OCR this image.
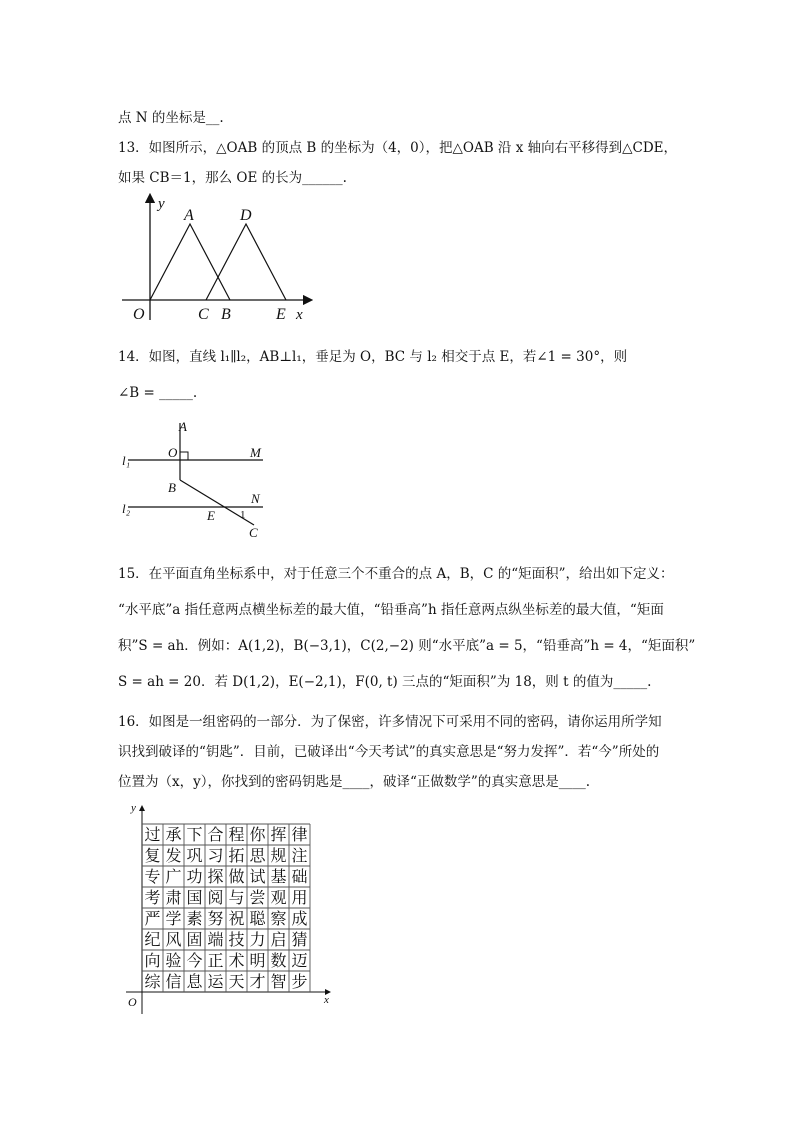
点 N 的坐标是__.
13．如图所示，△OAB 的顶点 B 的坐标为（4，0），把△OAB 沿 x 轴向右平移得到△CDE，
如果 CB＝1，那么 OE 的长为______.
y
A	D
O	C B	E x
14．如图，直线 l₁∥l₂，AB⊥l₁，垂足为 O，BC 与 l₂ 相交于点 E，若∠1 = 30°，则
∠B = _____.
A
O	M
l₁
B
N
l₂	E 1
C
15．在平面直角坐标系中，对于任意三个不重合的点 A，B，C 的“矩面积”，给出如下定义：
“水平底”a 指任意两点横坐标差的最大值，“铅垂高”h 指任意两点纵坐标差的最大值，“矩面
积”S = ah．例如：A(1,2)，B(−3,1)，C(2,−2) 则“水平底”a = 5，“铅垂高”h = 4，“矩面积”
S = ah = 20．若 D(1,2)，E(−2,1)，F(0, t) 三点的“矩面积”为 18，则 t 的值为_____.
16．如图是一组密码的一部分．为了保密，许多情况下可采用不同的密码，请你运用所学知
识找到破译的“钥匙”．目前，已破译出“今天考试”的真实意思是“努力发挥”．若“今”所处的
位置为（x，y），你找到的密码钥匙是____，破译“正做数学”的真实意思是____.
y
x
O
过 承 下 合 程 你 挥 律
复 发 巩 习 拓 思 规 注
专 广 功 探 做 试 基 础
考 肃 国 阅 与 尝 观 用
严 学 素 努 祝 聪 察 成
纪 风 固 端 技 力 启 猜
向 验 今 正 术 明 数 迈
综 信 息 运 天 才 智 步
